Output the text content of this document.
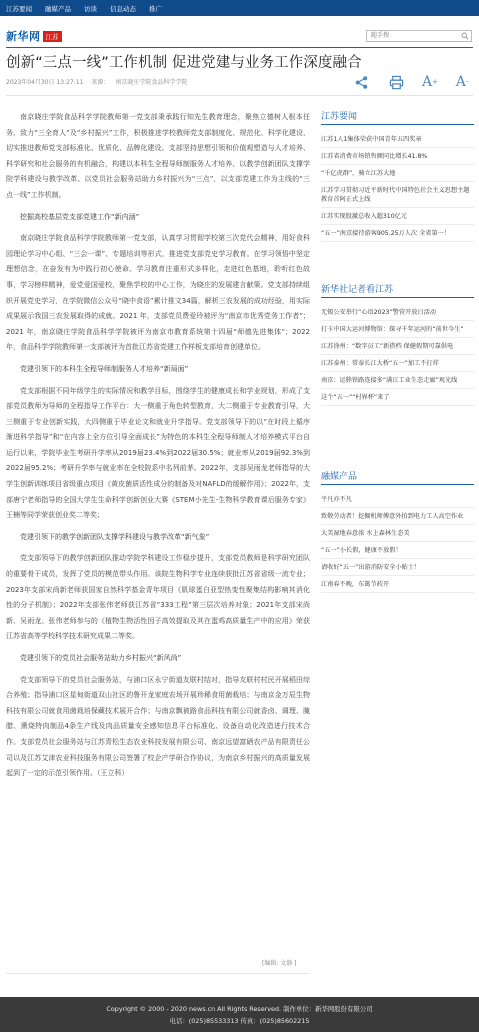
江苏要闻 融媒产品 访谈 信息动态 推广
新华网 江苏	随手搜
创新“三点一线”工作机制 促进党建与业务工作深度融合
2023年04月30日 13:27:11 来源： 南京晓庄学院食品科学学院	A + A -

南京晓庄学院食品科学学院教师第一党支部秉承践行知先生教育理念，聚焦立德树人根本任务，致力“三全育人”及“乡村振兴”工作，积极推进学校教师党支部制度化、规范化、科学化建设，切实推进教师党支部标准化、优质化、品牌化建设。支部坚持思想引领和价值观塑造与人才培养、科学研究和社会服务的有机融合，构建以本科生全程导师制服务人才培养、以教学创新团队支撑学院学科建设与教学改革、以党员社会服务站助力乡村振兴为“三点”，以支部党建工作为主线的“三点一线”工作机制。

挖掘高校基层党支部党建工作“新内涵”

南京晓庄学院食品科学学院教师第一党支部，认真学习贯彻学校第三次党代会精神，用好食科园理论学习中心组、“三会一课”、专题培训等形式，推进党支部党史学习教育。在学习领悟中坚定理想信念，在奋发有为中践行初心使命。学习教育注重形式多样化，走进红色基地，聆听红色故事，学习榜样精神，爱党爱国爱校，聚焦学校的中心工作，为晓庄的发展建言献策。党支部持续组织开展党史学习，在学院微信公众号“晓中食语”累计推文34篇，解析三农发展的成功经验，用实际成果展示我国三农发展取得的成就。2021 年，支部党员费爱玲被评为“南京市优秀党务工作者”；2021 年，南京晓庄学院食品科学学院被评为南京市教育系统第十四届“师德先进集体”；2022年，食品科学学院教师第一支部被评为首批江苏省党建工作样板支部培育创建单位。

党建引领下的本科生全程导师制服务人才培养“新局面”

党支部根据不同年级学生的实际情况和教学目标，围绕学生的健康成长和学业规划，形成了支部党员教师为导师的全程指导工作平台：大一侧重于角色转型教育，大二侧重于专业教育引导，大三侧重于专业创新实践，大四侧重于毕业论文和就业升学指导。党支部领导下的以“在时段上循序渐进科学指导”和“在内容上全方位引导全面成长”为特色的本科生全程导师制人才培养模式平台自运行以来，学院毕业生考研升学率从2019届23.4%到2022届30.5%；就业率从2019届92.3%到2022届95.2%；考研升学率与就业率在全校院系中名列前茅。2022年，支部吴雨龙老师指导的大学生创新训练项目省级重点项目《黄皮菌质活性成分的制备及对NAFLD的缓解作用》；2022年，支部唐宁老师指导的全国大学生生命科学创新创业大赛《STEM小先生-生物科学教育课后服务专家》王楠等同学荣获创业奖二等奖；

党建引领下的教学创新团队支撑学科建设与教学改革“新气象”

党支部领导下的教学创新团队推动学院学科建设工作稳步提升，支部党员教师是科学研究团队的重要骨干成员，发挥了党员的模范带头作用。该院生物科学专业连续获批江苏省省级一流专业；2023年支部宋尚新老师获国家自然科学基金青年项目《肌球蛋白亚型热变性聚集结构影响其消化性的分子机制》；2022年支部张伟老师获江苏省“333工程”第三层次培养对象；2021年支部宋尚新、吴雨龙、张伟老师参与的《植物生物活性因子高效提取及其在蛋鸡高质量生产中的应用》荣获江苏省高等学校科学技术研究成果二等奖。

党建引领下的党员社会服务站助力乡村振兴“新风尚”

党支部领导下的党员社会服务站，与浦口区永宁街道友联村结对，指导友联村村民开展稻田综合养殖；指导浦口区星甸街道双山社区的鲁开龙家庭农场开展珍稀食用菌栽培；与南京金万辰生物科技有限公司就食用菌栽培保藏技术展开合作；与南京飘被路食品科技有限公司就香卤、调理、腌腊、熏烧特肉制品4条生产线及肉品质量安全感知信息平台标准化、设备自动化改造进行技术合作。支部党员社会服务站与江苏青松生态农业科技发展有限公司、南京远望富硒农产品有限责任公司以及江苏艾津农业科技服务有限公司签署了校企产学研合作协议，为南京乡村振兴的高质量发展起到了一定的示范引领作用。（王立科）

[编辑: 文静 ]
江苏要闻
江苏1人1集体荣获中国青年五四奖章
江苏省消费市场销售额同比增长41.8%
“千亿虎群”，骑立江苏大地
江苏学习贯彻习近平新时代中国特色社会主义思想主题教育首阿正式上线
江苏实现股激总收入超310亿元
“五一”南京接待游客905.25万人次 全省第一！
新华社记者看江苏
无锡公安举行“心语2023”警营开放日活动
打卡中国大运河博物馆：探寻千年运河的“前世今生”
江苏徐州：“数字员工”新搭档 保健假期可靠供电
江苏泰州：常泰长江大桥“五一”加工不打烊
南京：运塍铁路连接多“满江工业生态走廊”观光线
这个“五一”“村界杯”来了
融媒产品
平凡亦不凡
致敬劳动者！挖掘机师傅意外拍到电力工人高空作业
大美湿地春意浓 水上森林生态美
“五一”小长假，健康不放假！
请收好“五一”出游消防安全小贴士！
江南春不晚，东篱节药开
Copyright © 2000 - 2020 news.cn All Rights Reserved. 制作单位：新华网股份有限公司
电话：(025)85533313 传真：(025)85602215
